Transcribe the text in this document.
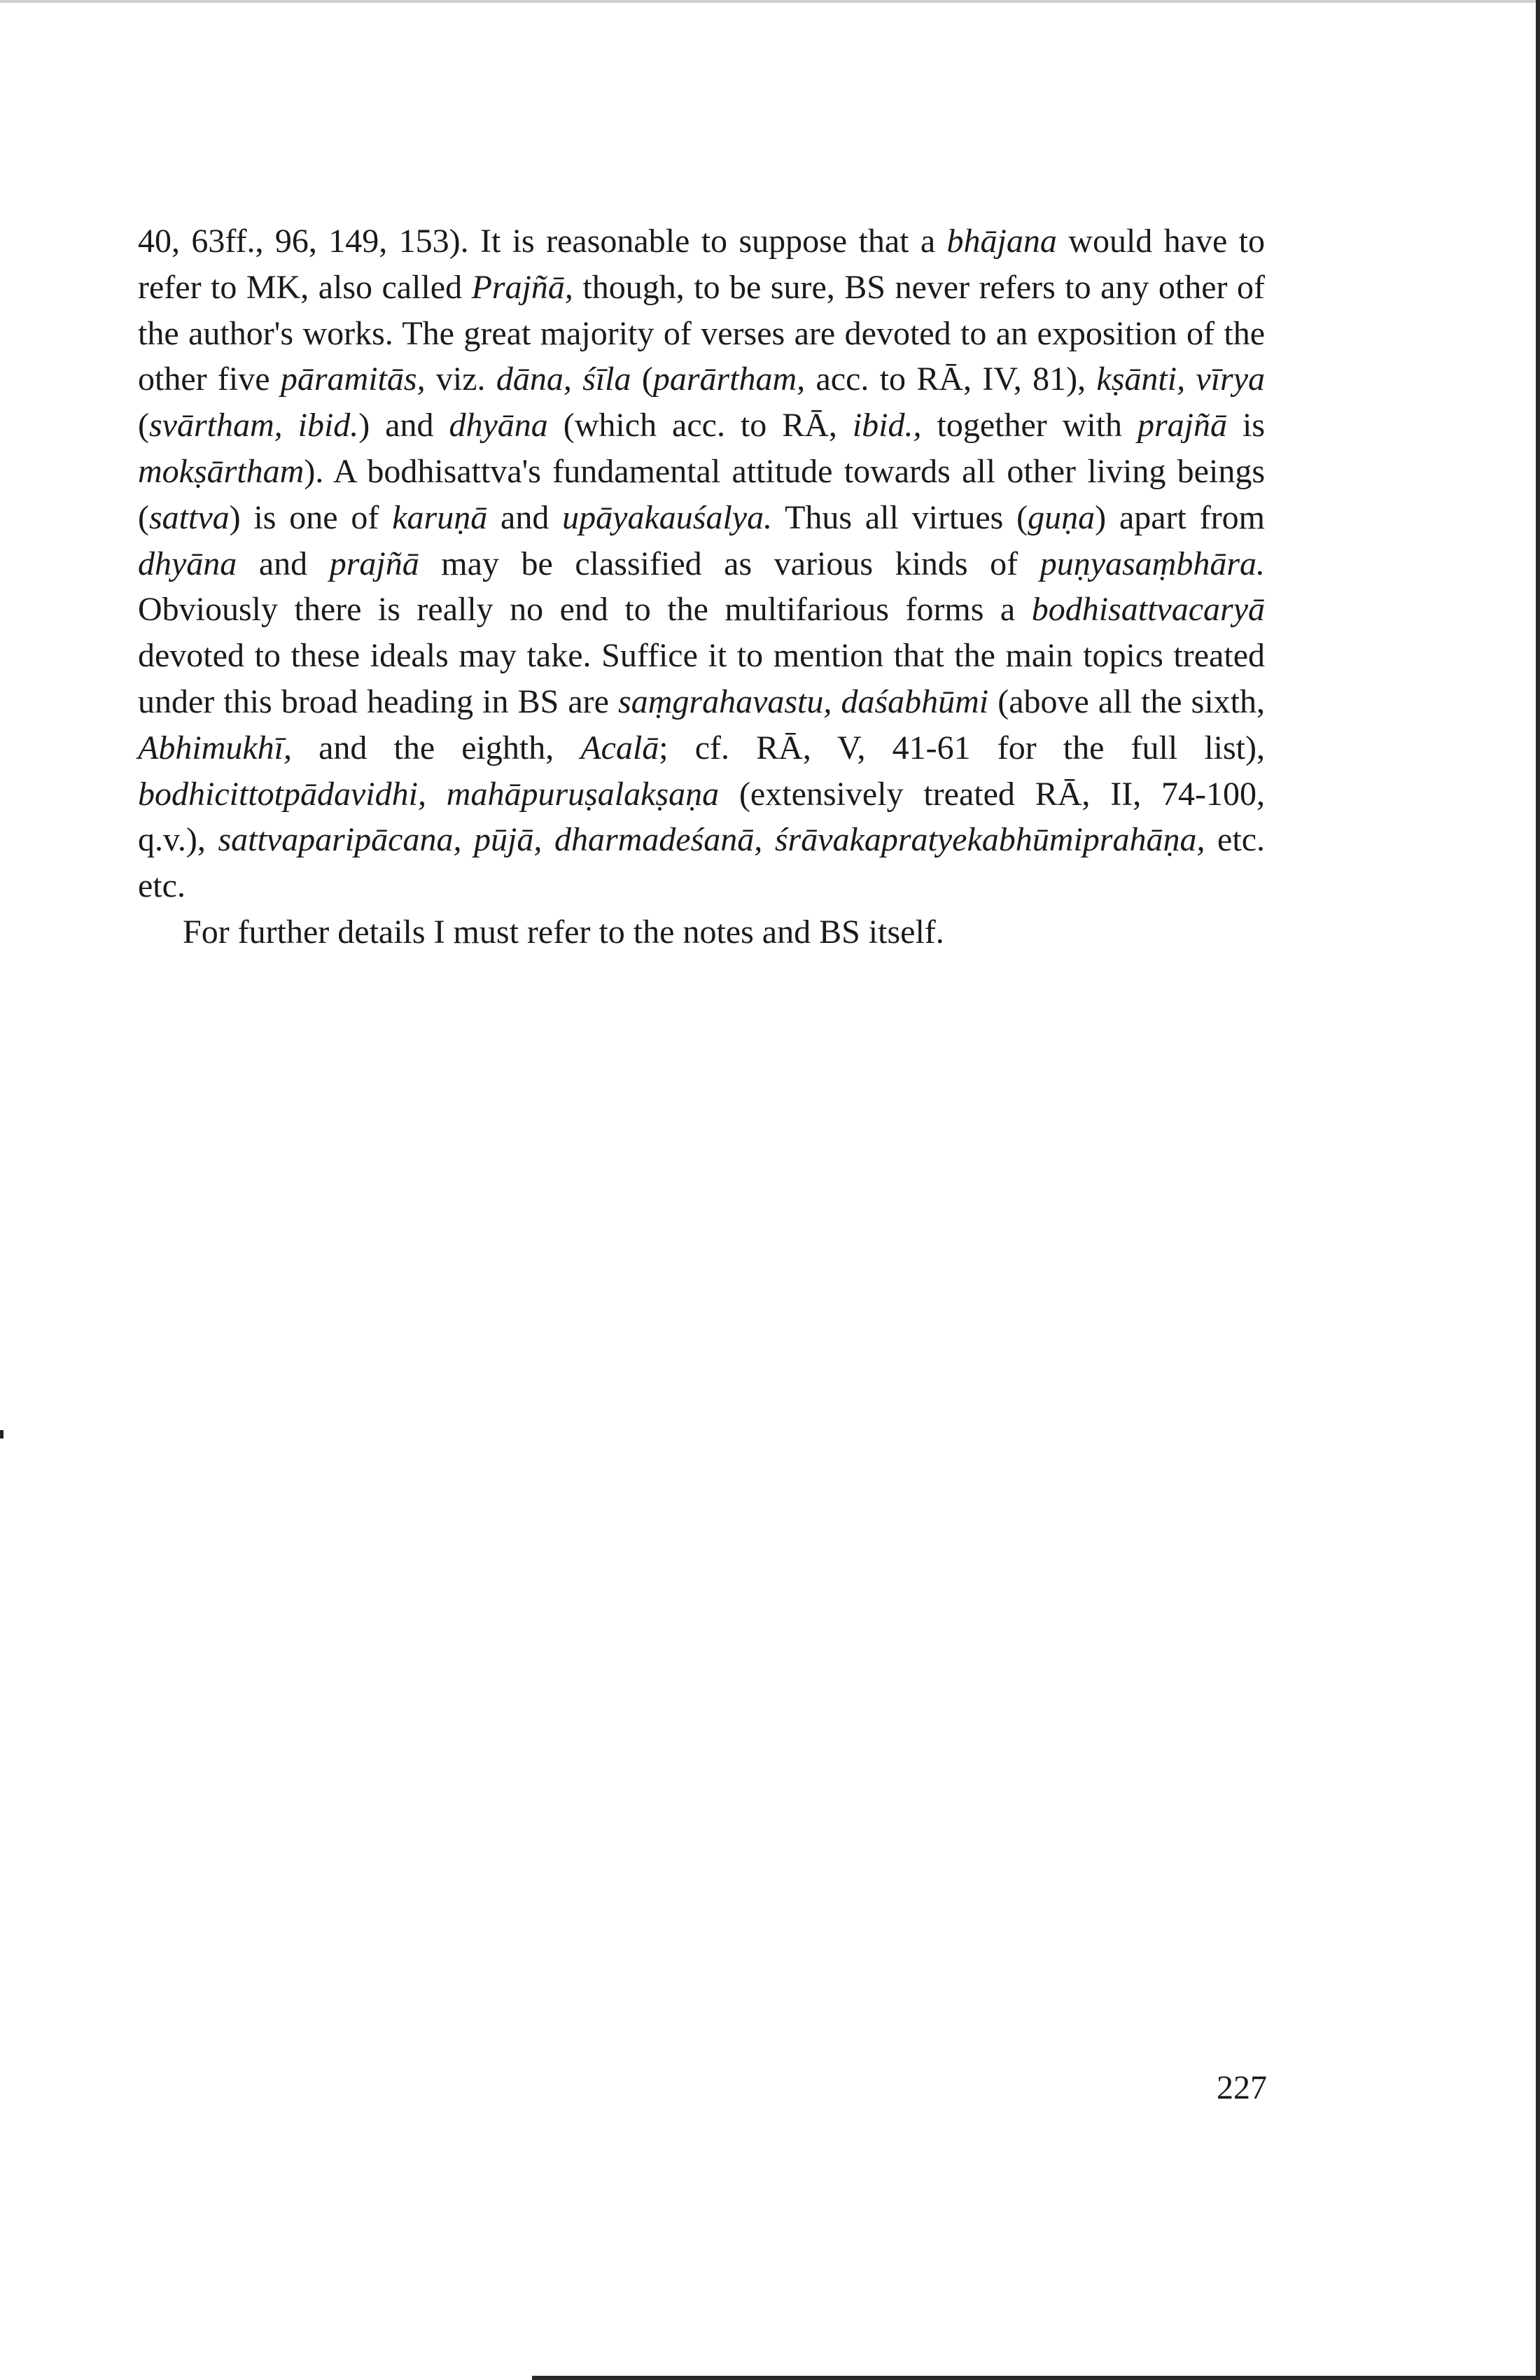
40, 63ff., 96, 149, 153). It is reasonable to suppose that a bhājana would have to refer to MK, also called Prajñā, though, to be sure, BS never refers to any other of the author's works. The great majority of verses are devoted to an exposition of the other five pāramitās, viz. dāna, śīla (parārtham, acc. to RĀ, IV, 81), kṣānti, vīrya (svārtham, ibid.) and dhyāna (which acc. to RĀ, ibid., together with prajñā is mokṣārtham). A bodhisattva's fundamental attitude towards all other living beings (sattva) is one of karuṇā and upāyakauśalya. Thus all virtues (guṇa) apart from dhyāna and prajñā may be classified as various kinds of puṇyasaṃbhāra. Obviously there is really no end to the multifarious forms a bodhisattvacaryā devoted to these ideals may take. Suffice it to mention that the main topics treated under this broad heading in BS are saṃgrahavastu, daśabhūmi (above all the sixth, Abhimukhī, and the eighth, Acalā; cf. RĀ, V, 41-61 for the full list), bodhicittotpādavidhi, mahāpuruṣalakṣaṇa (extensively treated RĀ, II, 74-100, q.v.), sattvaparipācana, pūjā, dharmadeśanā, śrāvakapratyekabhūmiprahāṇa, etc. etc.

For further details I must refer to the notes and BS itself.

227
